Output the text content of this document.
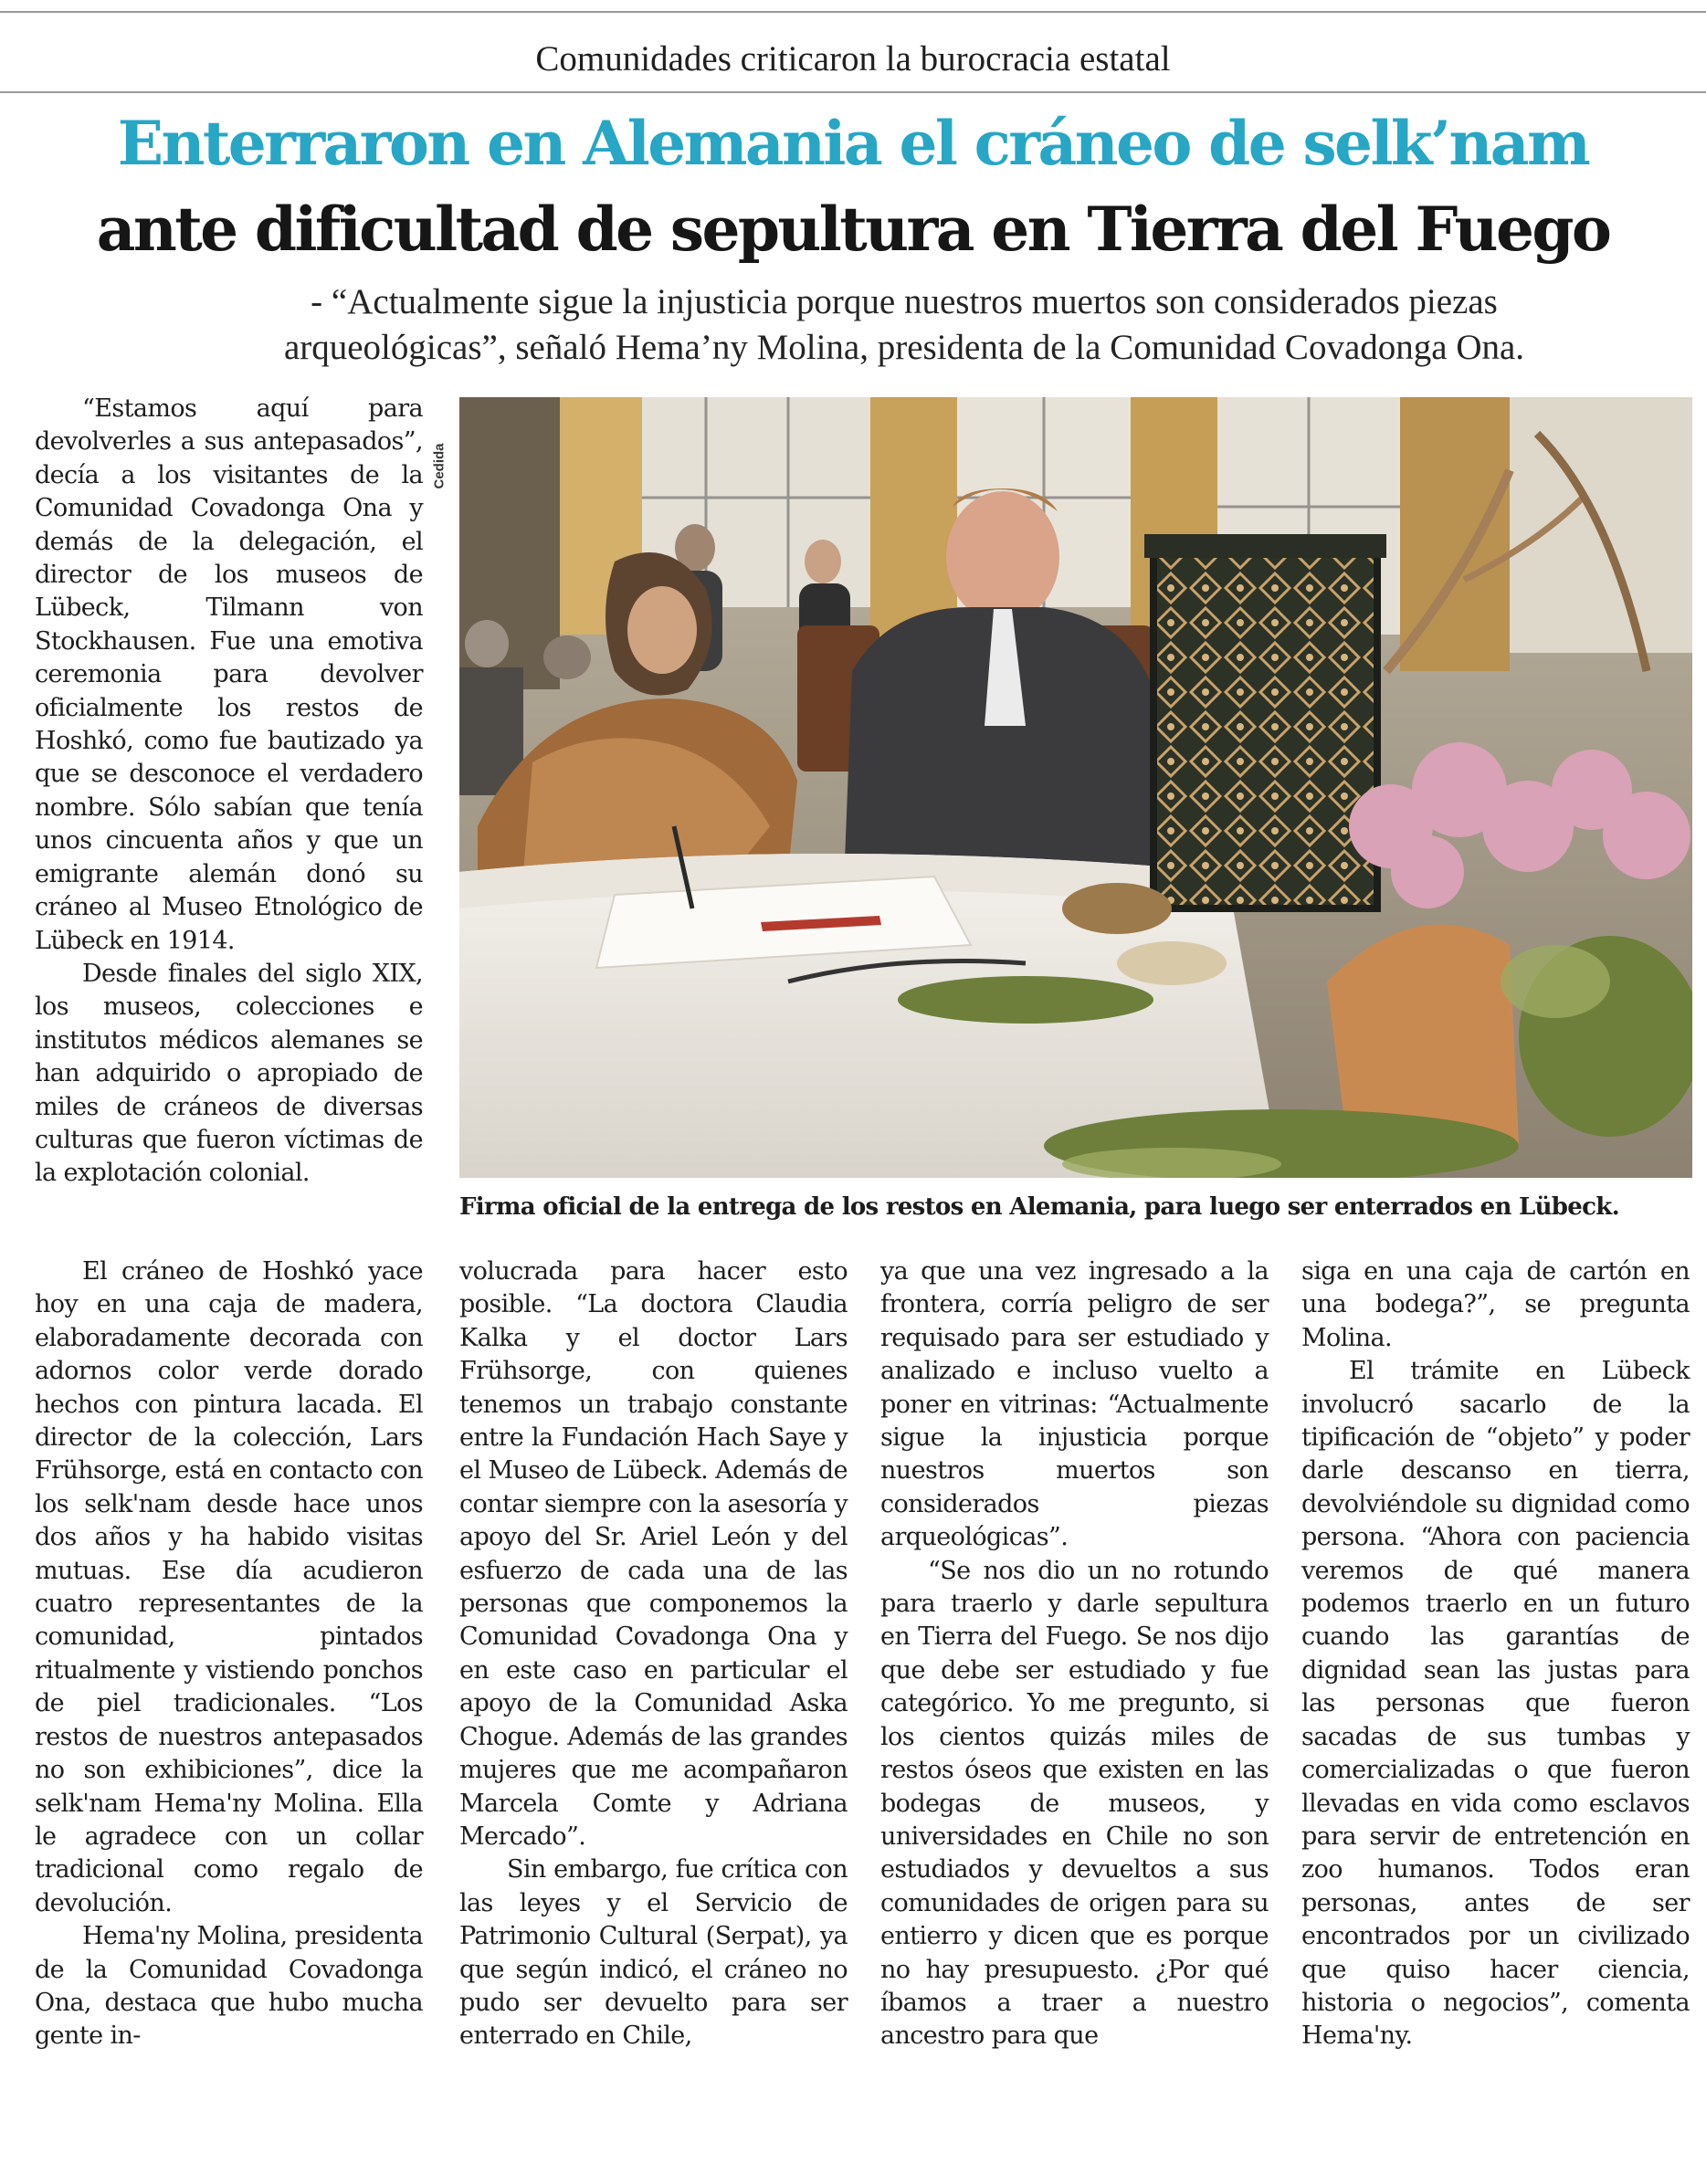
Comunidades criticaron la burocracia estatal
Enterraron en Alemania el cráneo de selk’nam
ante dificultad de sepultura en Tierra del Fuego
- “Actualmente sigue la injusticia porque nuestros muertos son considerados piezas arqueológicas”, señaló Hema’ny Molina, presidenta de la Comunidad Covadonga Ona.

“Estamos aquí para devolverles a sus antepasados”, decía a los visitantes de la Comunidad Covadonga Ona y demás de la delegación, el director de los museos de Lübeck, Tilmann von Stockhausen. Fue una emotiva ceremonia para devolver oficialmente los restos de Hoshkó, como fue bautizado ya que se desconoce el verdadero nombre. Sólo sabían que tenía unos cincuenta años y que un emigrante alemán donó su cráneo al Museo Etnológico de Lübeck en 1914.

Desde finales del siglo XIX, los museos, colecciones e institutos médicos alemanes se han adquirido o apropiado de miles de cráneos de diversas culturas que fueron víctimas de la explotación colonial.

Cedida
Firma oficial de la entrega de los restos en Alemania, para luego ser enterrados en Lübeck.

El cráneo de Hoshkó yace hoy en una caja de madera, elaboradamente decorada con adornos color verde dorado hechos con pintura lacada. El director de la colección, Lars Frühsorge, está en contacto con los selk'nam desde hace unos dos años y ha habido visitas mutuas. Ese día acudieron cuatro representantes de la comunidad, pintados ritualmente y vistiendo ponchos de piel tradicionales. “Los restos de nuestros antepasados no son exhibiciones”, dice la selk'nam Hema'ny Molina. Ella le agradece con un collar tradicional como regalo de devolución.

Hema'ny Molina, presidenta de la Comunidad Covadonga Ona, destaca que hubo mucha gente in-

volucrada para hacer esto posible. “La doctora Claudia Kalka y el doctor Lars Frühsorge, con quienes tenemos un trabajo constante entre la Fundación Hach Saye y el Museo de Lübeck. Además de contar siempre con la asesoría y apoyo del Sr. Ariel León y del esfuerzo de cada una de las personas que componemos la Comunidad Covadonga Ona y en este caso en particular el apoyo de la Comunidad Aska Chogue. Además de las grandes mujeres que me acompañaron Marcela Comte y Adriana Mercado”.

Sin embargo, fue crítica con las leyes y el Servicio de Patrimonio Cultural (Serpat), ya que según indicó, el cráneo no pudo ser devuelto para ser enterrado en Chile,

ya que una vez ingresado a la frontera, corría peligro de ser requisado para ser estudiado y analizado e incluso vuelto a poner en vitrinas: “Actualmente sigue la injusticia porque nuestros muertos son considerados piezas arqueológicas”.

“Se nos dio un no rotundo para traerlo y darle sepultura en Tierra del Fuego. Se nos dijo que debe ser estudiado y fue categórico. Yo me pregunto, si los cientos quizás miles de restos óseos que existen en las bodegas de museos, y universidades en Chile no son estudiados y devueltos a sus comunidades de origen para su entierro y dicen que es porque no hay presupuesto. ¿Por qué íbamos a traer a nuestro ancestro para que

siga en una caja de cartón en una bodega?”, se pregunta Molina.

El trámite en Lübeck involucró sacarlo de la tipificación de “objeto” y poder darle descanso en tierra, devolviéndole su dignidad como persona. “Ahora con paciencia veremos de qué manera podemos traerlo en un futuro cuando las garantías de dignidad sean las justas para las personas que fueron sacadas de sus tumbas y comercializadas o que fueron llevadas en vida como esclavos para servir de entretención en zoo humanos. Todos eran personas, antes de ser encontrados por un civilizado que quiso hacer ciencia, historia o negocios”, comenta Hema'ny.
